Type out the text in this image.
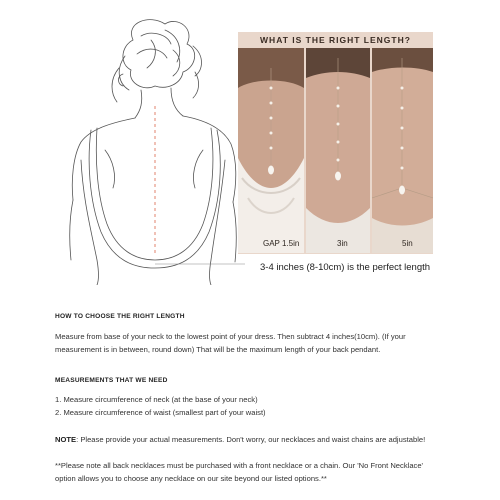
WHAT IS THE RIGHT LENGTH?
GAP 1.5in	3in	5in
3-4 inches (8-10cm) is the perfect length
HOW TO CHOOSE THE RIGHT LENGTH
Measure from base of your neck to the lowest point of your dress. Then subtract 4 inches(10cm). (If your
measurement is in between, round down) That will be the maximum length of your back pendant.
MEASUREMENTS THAT WE NEED
1. Measure circumference of neck (at the base of your neck)
2. Measure circumference of waist (smallest part of your waist)
NOTE: Please provide your actual measurements. Don't worry, our necklaces and waist chains are adjustable!
**Please note all back necklaces must be purchased with a front necklace or a chain. Our 'No Front Necklace'
option allows you to choose any necklace on our site beyond our listed options.**
